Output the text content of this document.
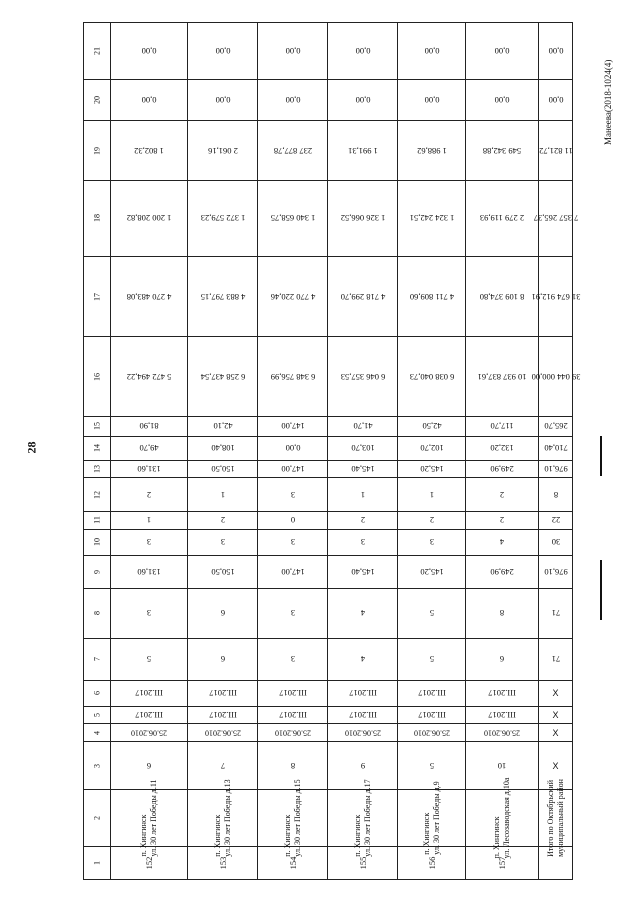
28
Манеева(2018-1024(4)
21	0,00	0,00	0,00	0,00	0,00	0,00	0,00

20	0,00	0,00	0,00	0,00	0,00	0,00	0,00

19	1 802,32	2 061,16	237 877,78	1 991,31	1 988,62	549 342,88	11 821,72

18	1 200 208,82	1 372 579,23	1 340 658,75	1 326 066,52	1 324 242,51	2 279 119,93	7 357 265,37

17	4 270 483,08	4 883 797,15	4 770 220,46	4 718 299,70	4 711 809,60	8 109 374,80	31 674 912,91

16	5 472 494,22	6 258 437,54	6 348 756,99	6 046 357,53	6 038 040,73	10 937 837,61	39 044 000,00

15	81,90	42,10	147,00	41,70	42,50	117,70	265,70

14	49,70	108,40	0,00	103,70	102,70	132,20	710,40

13	131,60	150,50	147,00	145,40	145,20	249,90	976,10

12	2	1	3	1	1	2	8

11	1	2	0	2	2	2	22

10	3	3	3	3	3	4	30

9	131,60	150,50	147,00	145,40	145,20	249,90	976,10

8	3	6	3	4	5	8	71

7	5	6	3	4	5	6	71

6	III.2017	III.2017	III.2017	III.2017	III.2017	III.2017	X

5	III.2017	III.2017	III.2017	III.2017	III.2017	III.2017	X

4	25.06.2010	25.06.2010	25.06.2010	25.06.2010	25.06.2010	25.06.2010	X

3	6	7	8	9	5	10	X

2	п. Хингинск ул. 30 лет Победы д.11	п. Хингинск ул. 30 лет Победы д.13	п. Хингинск ул. 30 лет Победы д.15	п. Хингинск ул. 30 лет Победы д.17	п. Хингинск ул. 30 лет Победы д.9	п. Хингинск ул. Лесозаводская д.10а	Итого по Октябрьский муниципальный район

1	152	153	154	155	156	157	
